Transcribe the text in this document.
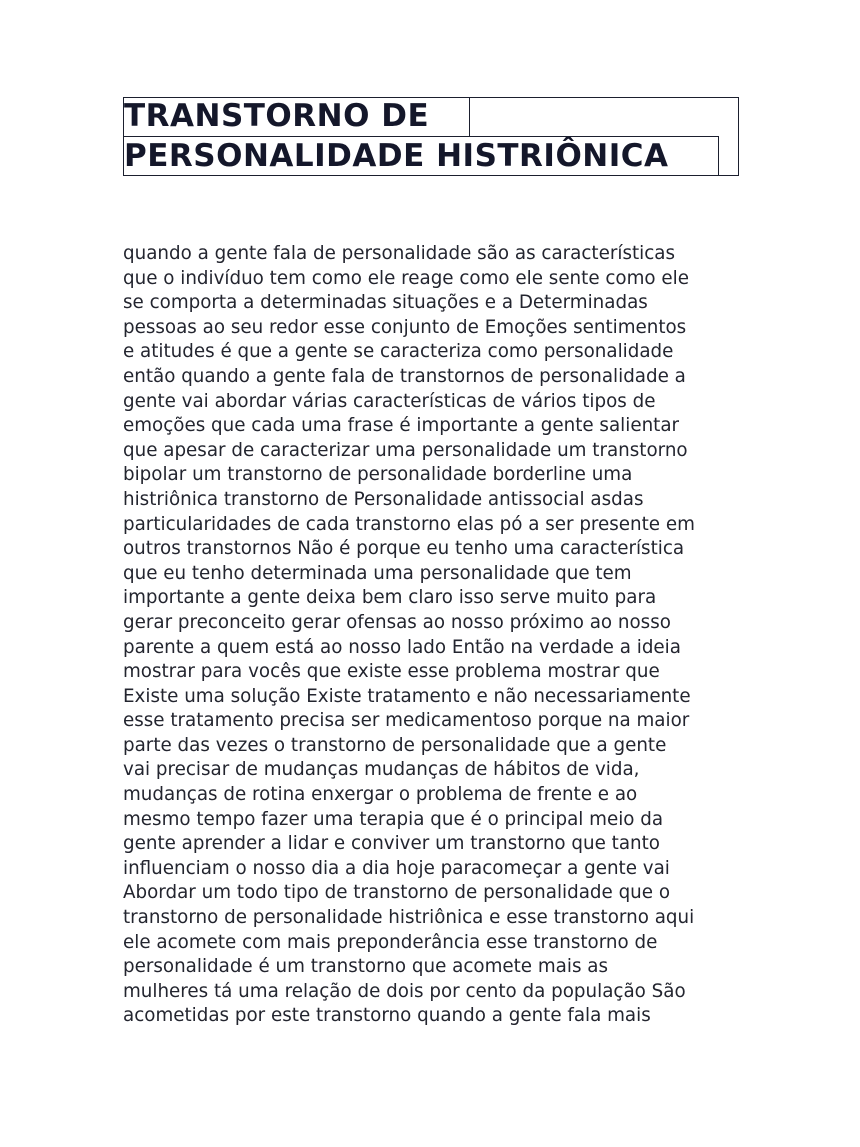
TRANSTORNO DE
PERSONALIDADE HISTRIÔNICA

quando a gente fala de personalidade são as características
que o indivíduo tem como ele reage como ele sente como ele
se comporta a determinadas situações e a Determinadas
pessoas ao seu redor esse conjunto de Emoções sentimentos
e atitudes é que a gente se caracteriza como personalidade
então quando a gente fala de transtornos de personalidade a
gente vai abordar várias características de vários tipos de
emoções que cada uma frase é importante a gente salientar
que apesar de caracterizar uma personalidade um transtorno
bipolar um transtorno de personalidade borderline uma
histriônica transtorno de Personalidade antissocial asdas
particularidades de cada transtorno elas pó a ser presente em
outros transtornos Não é porque eu tenho uma característica
que eu tenho determinada uma personalidade que tem
importante a gente deixa bem claro isso serve muito para
gerar preconceito gerar ofensas ao nosso próximo ao nosso
parente a quem está ao nosso lado Então na verdade a ideia
mostrar para vocês que existe esse problema mostrar que
Existe uma solução Existe tratamento e não necessariamente
esse tratamento precisa ser medicamentoso porque na maior
parte das vezes o transtorno de personalidade que a gente
vai precisar de mudanças mudanças de hábitos de vida,
mudanças de rotina enxergar o problema de frente e ao
mesmo tempo fazer uma terapia que é o principal meio da
gente aprender a lidar e conviver um transtorno que tanto
influenciam o nosso dia a dia hoje paracomeçar a gente vai
Abordar um todo tipo de transtorno de personalidade que o
transtorno de personalidade histriônica e esse transtorno aqui
ele acomete com mais preponderância esse transtorno de
personalidade é um transtorno que acomete mais as
mulheres tá uma relação de dois por cento da população São
acometidas por este transtorno quando a gente fala mais
